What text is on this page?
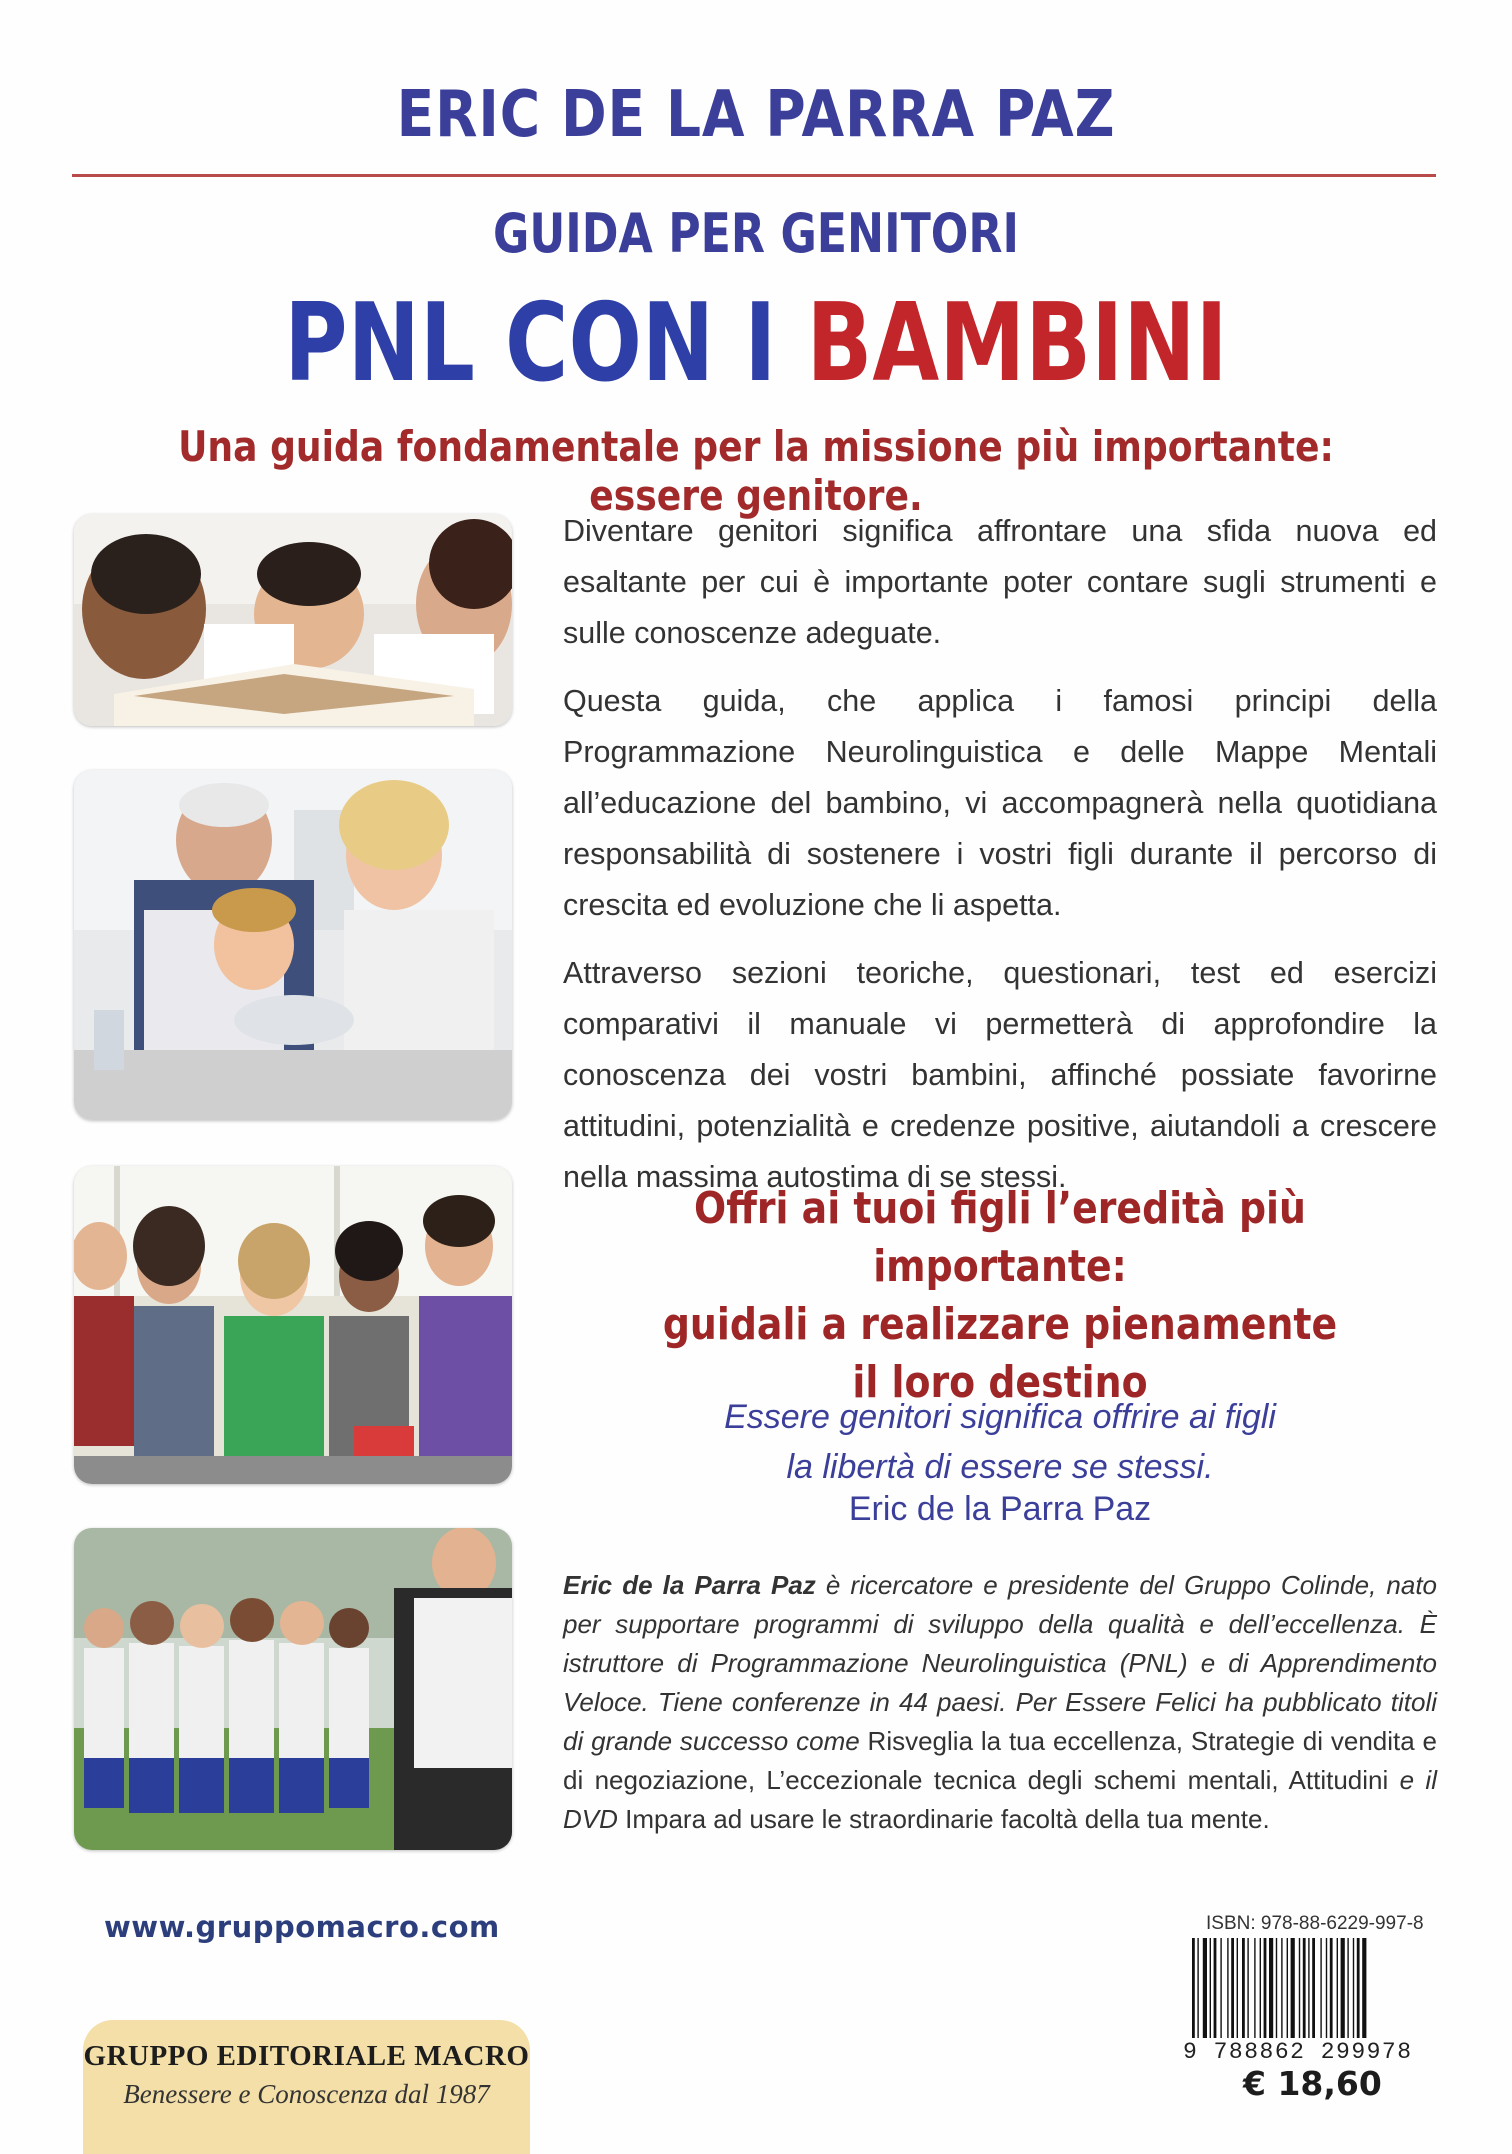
ERIC DE LA PARRA PAZ
GUIDA PER GENITORI
PNL CON I BAMBINI
Una guida fondamentale per la missione più importante: essere genitore.

Diventare genitori significa affrontare una sfida nuova ed esaltante per cui è importante poter contare sugli strumenti e sulle conoscenze adeguate.

Questa guida, che applica i famosi principi della Programmazione Neurolinguistica e delle Mappe Mentali all’educazione del bambino, vi accompagnerà nella quotidiana responsabilità di sostenere i vostri figli durante il percorso di crescita ed evoluzione che li aspetta.

Attraverso sezioni teoriche, questionari, test ed esercizi comparativi il manuale vi permetterà di approfondire la conoscenza dei vostri bambini, affinché possiate favorirne attitudini, potenzialità e credenze positive, aiutandoli a crescere nella massima autostima di se stessi.

Offri ai tuoi figli l’eredità più importante:
guidali a realizzare pienamente
il loro destino
Essere genitori significa offrire ai figli
la libertà di essere se stessi.
Eric de la Parra Paz
Eric de la Parra Paz è ricercatore e presidente del Gruppo Colinde, nato per supportare programmi di sviluppo della qualità e dell’eccellenza. È istruttore di Programmazione Neurolinguistica (PNL) e di Apprendimento Veloce. Tiene conferenze in 44 paesi. Per Essere Felici ha pubblicato titoli di grande successo come Risveglia la tua eccellenza, Strategie di vendita e di negoziazione, L’eccezionale tecnica degli schemi mentali, Attitudini e il DVD Impara ad usare le straordinarie facoltà della tua mente.
www.gruppomacro.com
GRUPPO EDITORIALE MACRO
Benessere e Conoscenza dal 1987
ISBN: 978-88-6229-997-8
9 788862 299978
€ 18,60
